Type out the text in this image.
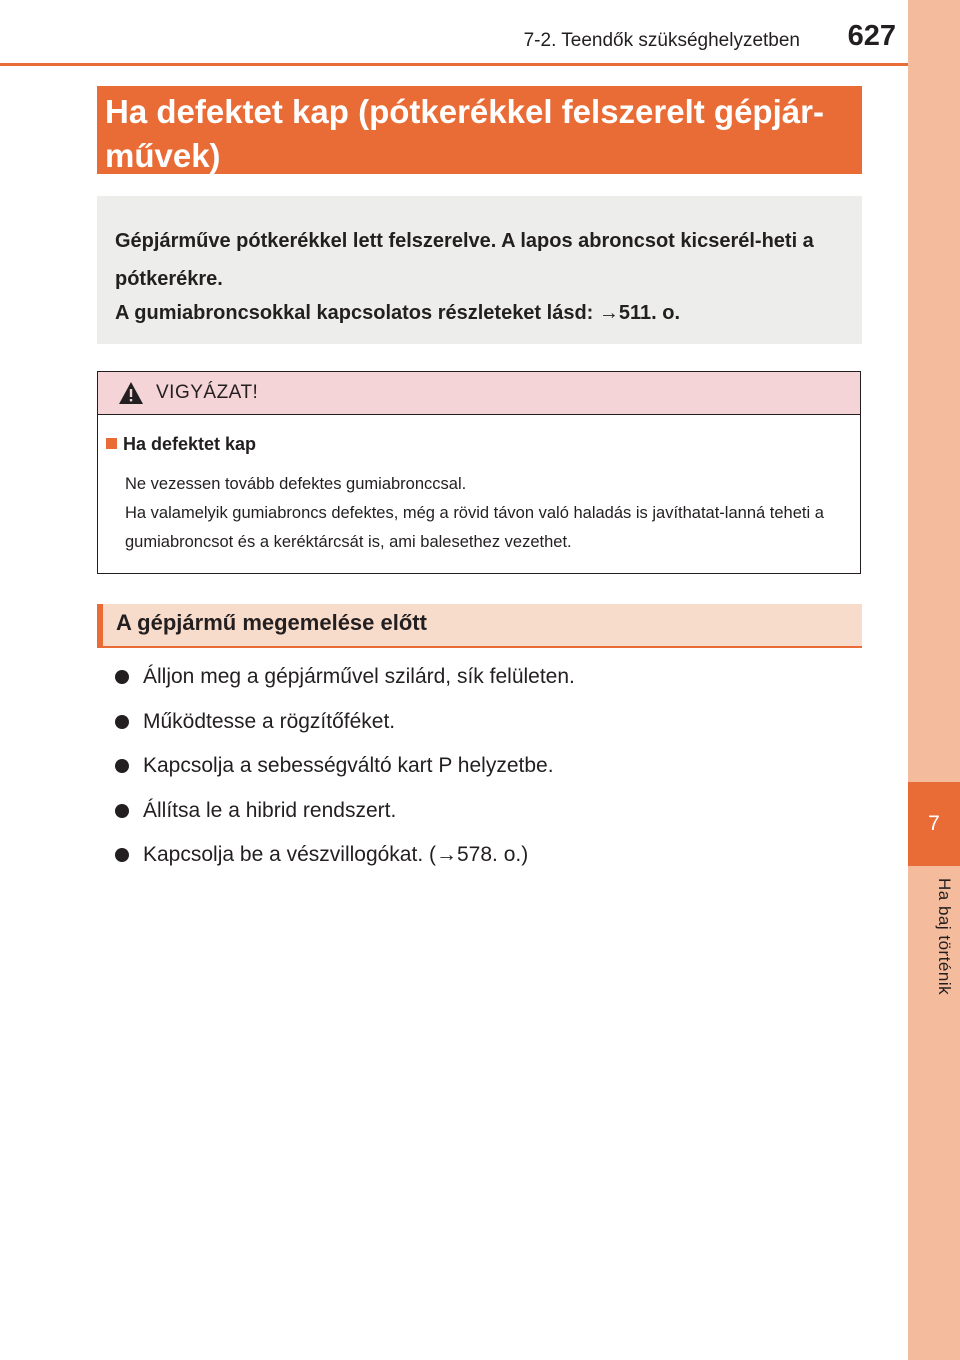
7
Ha baj történik
7-2. Teendők szükséghelyzetben	627
Ha defektet kap (pótkerékkel felszerelt gépjár-művek)
Gépjárműve pótkerékkel lett felszerelve. A lapos abroncsot kicserél-heti a pótkerékre.
A gumiabroncsokkal kapcsolatos részleteket lásd: →511. o.
VIGYÁZAT!
Ha defektet kap

Ne vezessen tovább defektes gumiabronccsal.

Ha valamelyik gumiabroncs defektes, még a rövid távon való haladás is javíthatat-lanná teheti a gumiabroncsot és a keréktárcsát is, ami balesethez vezethet.

A gépjármű megemelése előtt
Álljon meg a gépjárművel szilárd, sík felületen.
Működtesse a rögzítőféket.
Kapcsolja a sebességváltó kart P helyzetbe.
Állítsa le a hibrid rendszert.
Kapcsolja be a vészvillogókat. (→578. o.)
